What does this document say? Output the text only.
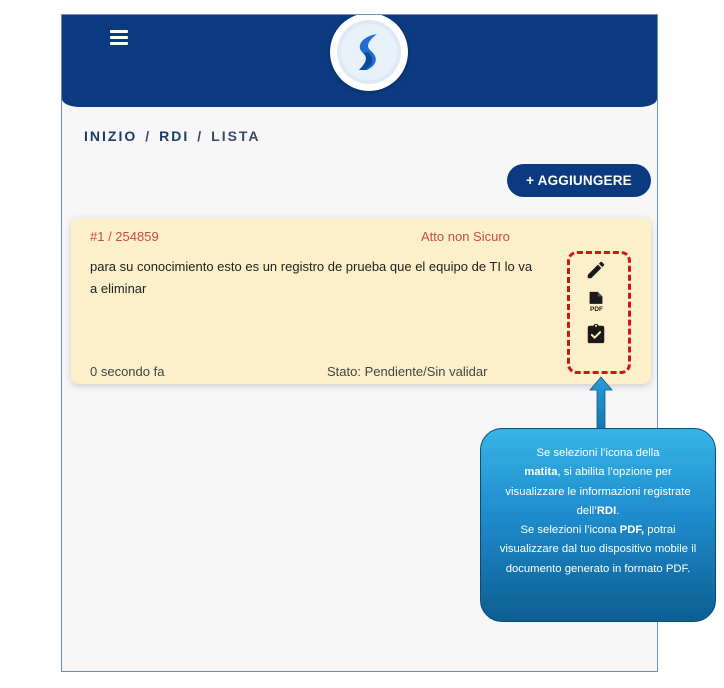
INIZIO / RDI / LISTA
+ AGGIUNGERE
#1 / 254859	Atto non Sicuro
para su conocimiento esto es un registro de prueba que el equipo de TI lo va a eliminar
PDF
0 secondo fa	Stato: Pendiente/Sin validar
Se selezioni l’icona della
matita, si abilita l’opzione per visualizzare le informazioni registrate dell’RDI.
Se selezioni l’icona PDF, potrai visualizzare dal tuo dispositivo mobile il documento generato in formato PDF.
